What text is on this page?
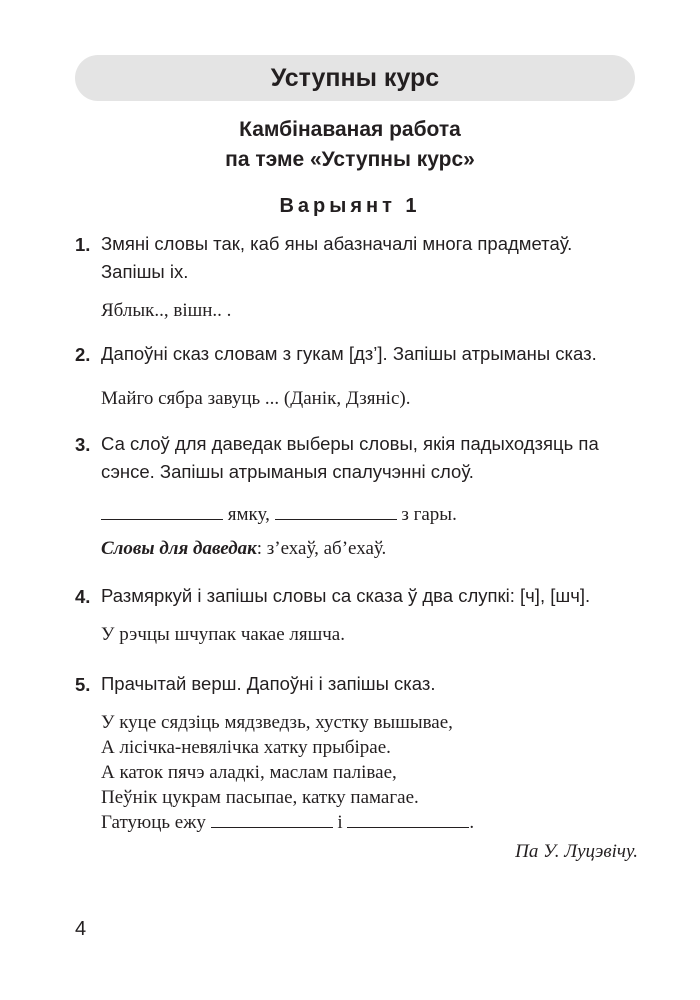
Уступны курс
Камбінаваная работа
па тэме «Уступны курс»
Варыянт 1
1. Змяні словы так, каб яны абазначалі многа прадметаў.
Запішы іх.
Яблык.., вішн.. .
2. Дапоўні сказ словам з гукам [дз’]. Запішы атрыманы сказ.
Майго сябра завуць ... (Данік, Дзяніс).
3. Са слоў для даведак выберы словы, якія падыходзяць па
сэнсе. Запішы атрыманыя спалучэнні слоў.
ямку,	з гары.
Словы для даведак: з’ехаў, аб’ехаў.
4. Размяркуй і запішы словы са сказа ў два слупкі: [ч], [шч].
У рэчцы шчупак чакае ляшча.
5. Прачытай верш. Дапоўні і запішы сказ.
У куце сядзіць мядзведзь, хустку вышывае,
А лісічка-невялічка хатку прыбірае.
А каток пячэ аладкі, маслам палівае,
Пеўнік цукрам пасыпае, катку памагае.
Гатуюць ежу	і	.
Па У. Луцэвічу.
4
